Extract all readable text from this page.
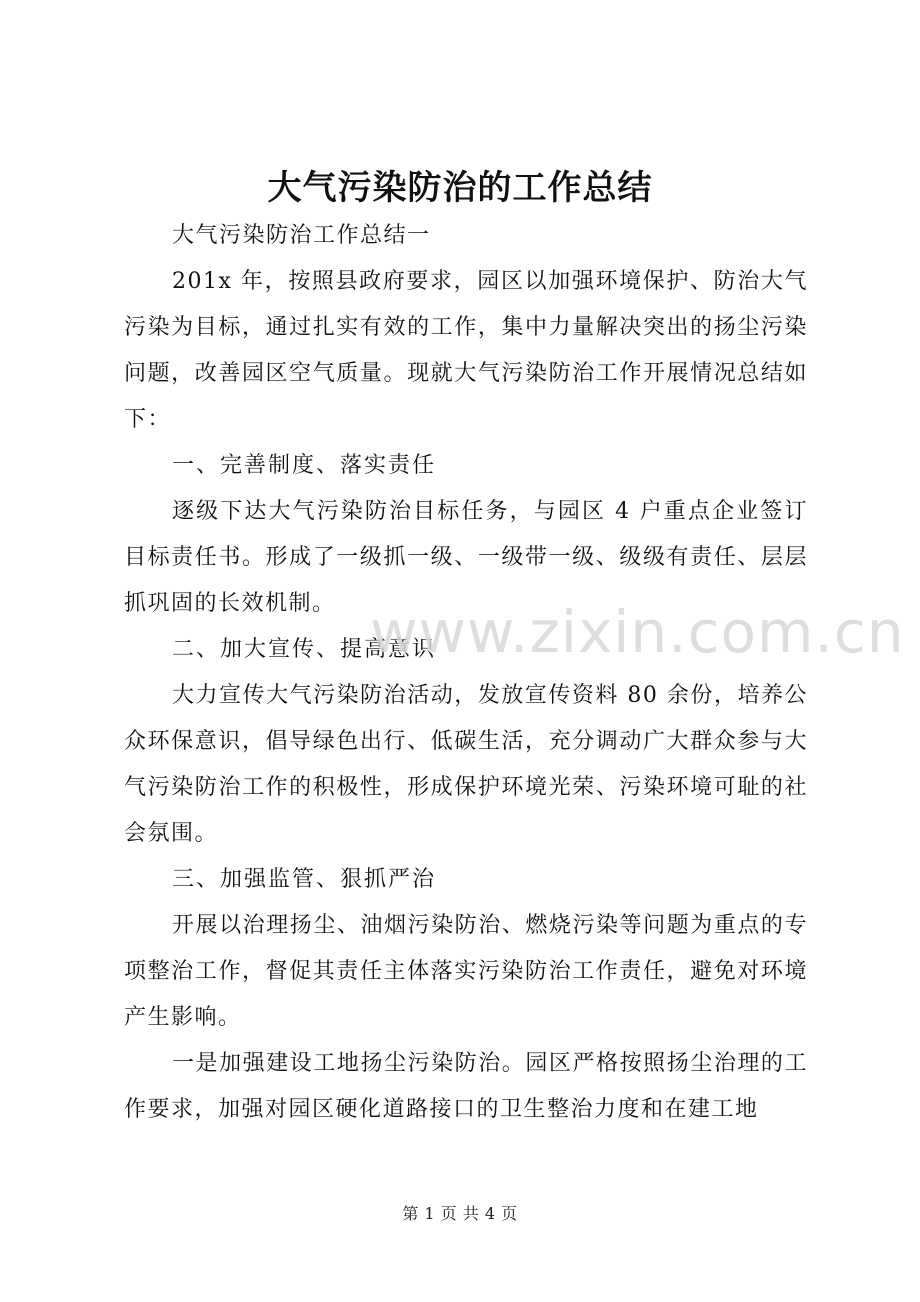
大气污染防治的工作总结

大气污染防治工作总结一

201x 年，按照县政府要求，园区以加强环境保护、防治大气污染为目标，通过扎实有效的工作，集中力量解决突出的扬尘污染问题，改善园区空气质量。现就大气污染防治工作开展情况总结如下：

一、完善制度、落实责任

逐级下达大气污染防治目标任务，与园区 4 户重点企业签订目标责任书。形成了一级抓一级、一级带一级、级级有责任、层层抓巩固的长效机制。

二、加大宣传、提高意识

大力宣传大气污染防治活动，发放宣传资料 80 余份，培养公众环保意识，倡导绿色出行、低碳生活，充分调动广大群众参与大气污染防治工作的积极性，形成保护环境光荣、污染环境可耻的社会氛围。

三、加强监管、狠抓严治

开展以治理扬尘、油烟污染防治、燃烧污染等问题为重点的专项整治工作，督促其责任主体落实污染防治工作责任，避免对环境产生影响。

一是加强建设工地扬尘污染防治。园区严格按照扬尘治理的工作要求，加强对园区硬化道路接口的卫生整治力度和在建工地

www.zixin.com.cn
第 1 页 共 4 页
